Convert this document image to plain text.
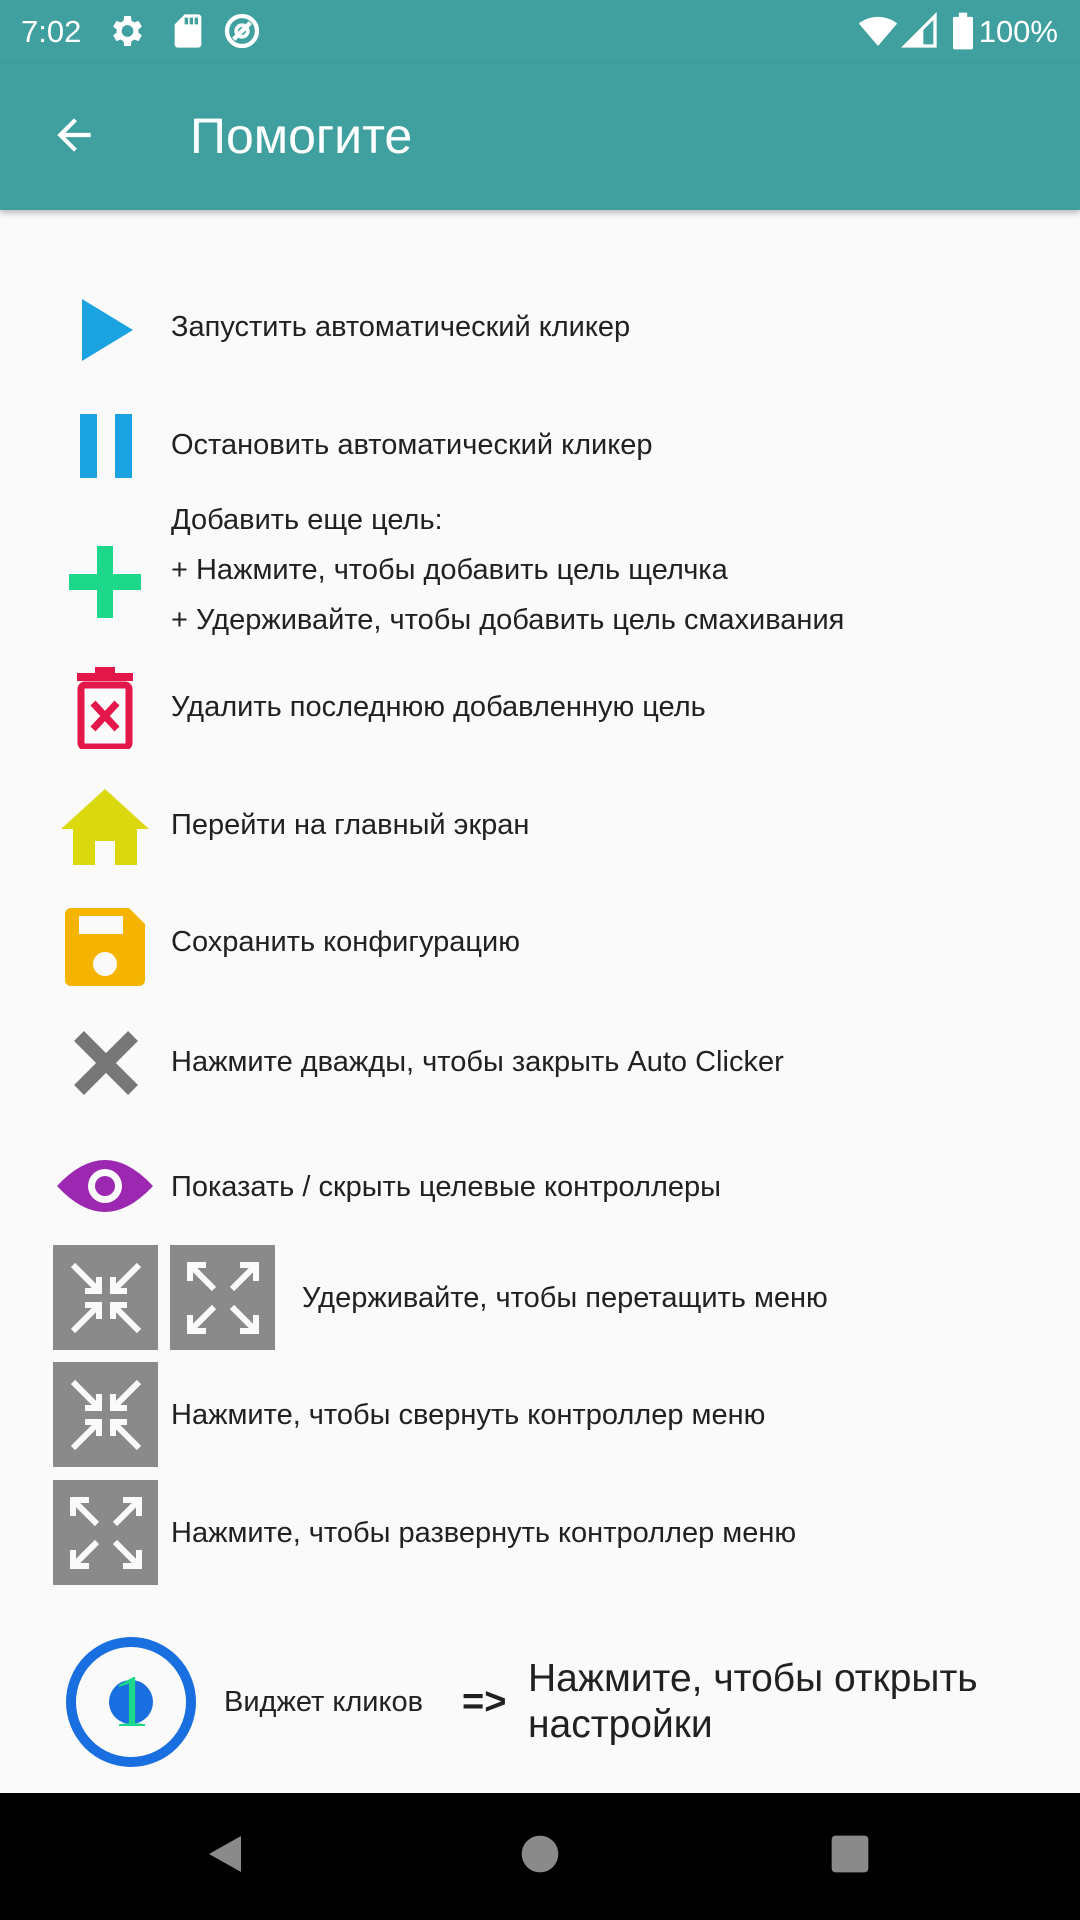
7:02	100%
Помогите
Запустить автоматический кликер
Остановить автоматический кликер
Добавить еще цель:
+ Нажмите, чтобы добавить цель щелчка
+ Удерживайте, чтобы добавить цель смахивания
Удалить последнюю добавленную цель
Перейти на главный экран
Сохранить конфигурацию
Нажмите дважды, чтобы закрыть Auto Clicker
Показать / скрыть целевые контроллеры
Удерживайте, чтобы перетащить меню
Нажмите, чтобы свернуть контроллер меню
Нажмите, чтобы развернуть контроллер меню
1	Виджет кликов =>
Нажмите, чтобы открыть настройки
